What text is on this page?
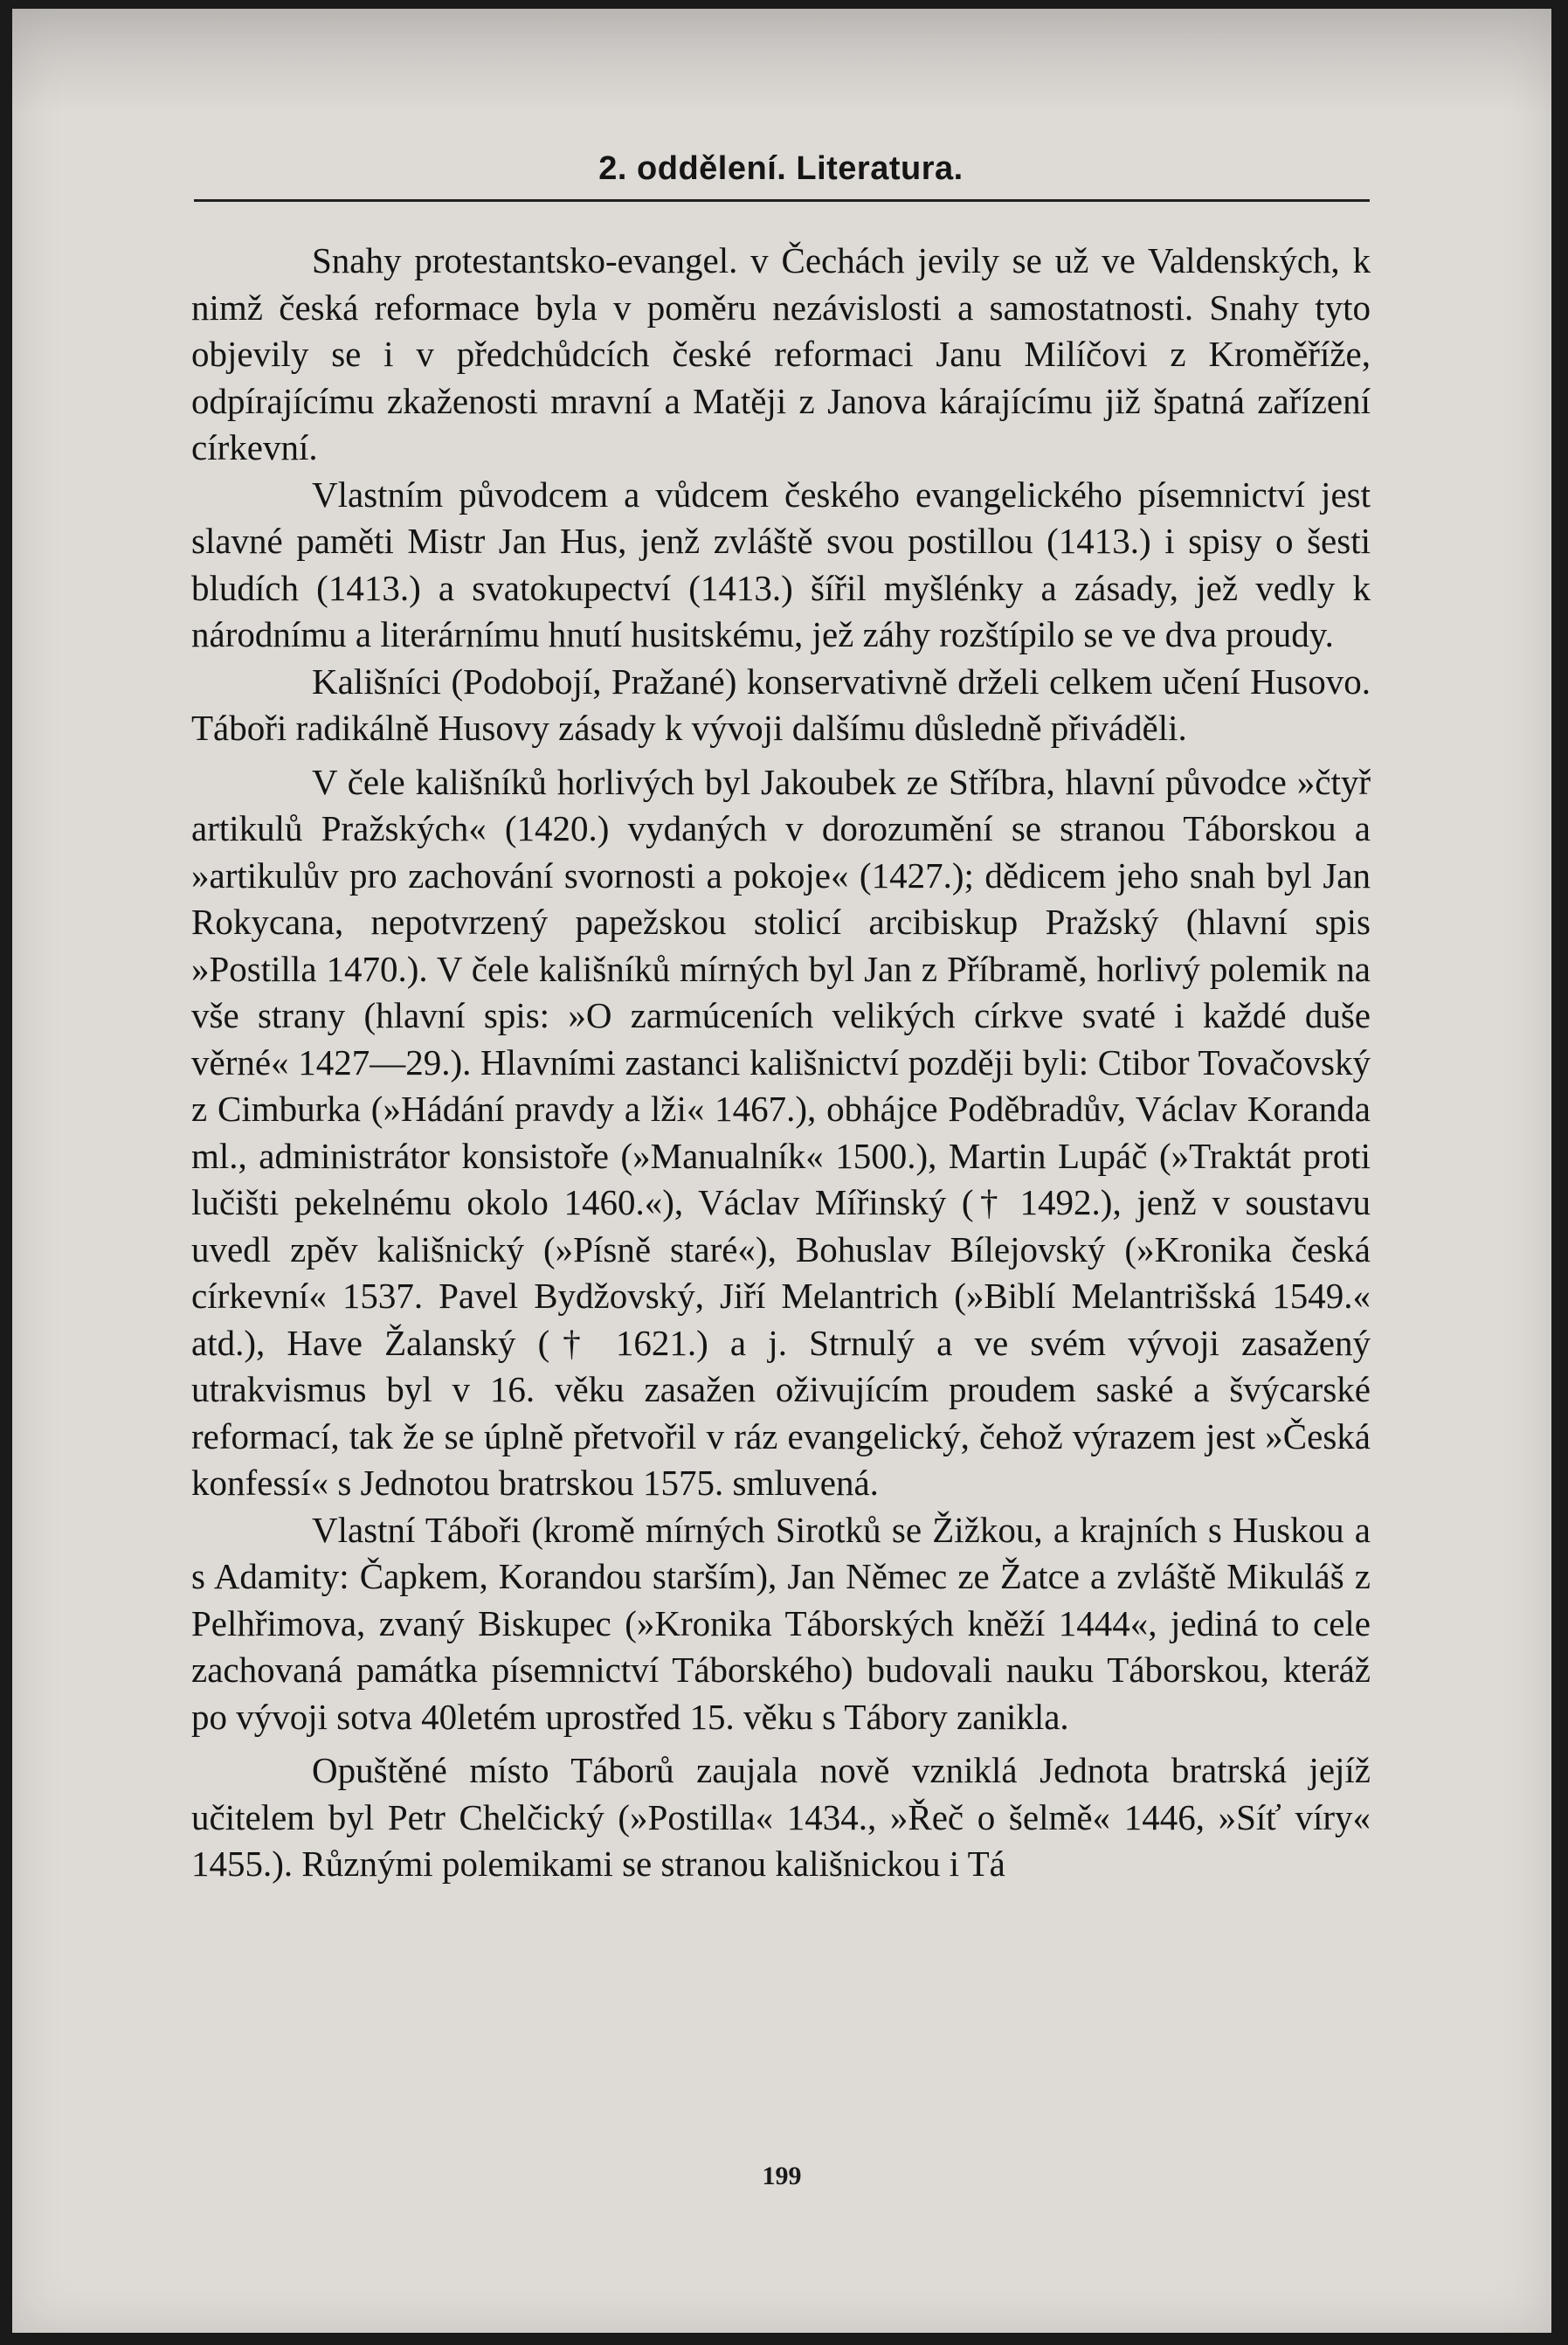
2. oddělení. Literatura.

Snahy protestantsko-evangel. v Čechách jevily se už ve Valdenských, k nimž česká reformace byla v poměru nezávislosti a samostatnosti. Snahy tyto objevily se i v předchůdcích české reformaci Janu Milíčovi z Kroměříže, odpírajícímu zkaženosti mravní a Matěji z Janova kárajícímu již špatná zařízení církevní.

Vlastním původcem a vůdcem českého evangelického písemnictví jest slavné paměti Mistr Jan Hus, jenž zvláště svou postillou (1413.) i spisy o šesti bludích (1413.) a svatokupectví (1413.) šířil myšlénky a zásady, jež vedly k národnímu a literárnímu hnutí husitskému, jež záhy rozštípilo se ve dva proudy.

Kališníci (Podobojí, Pražané) konservativně drželi celkem učení Husovo. Táboři radikálně Husovy zásady k vývoji dalšímu důsledně přiváděli.

V čele kališníků horlivých byl Jakoubek ze Stříbra, hlavní původce »čtyř artikulů Pražských« (1420.) vydaných v dorozumění se stranou Táborskou a »artikulův pro zachování svornosti a pokoje« (1427.); dědicem jeho snah byl Jan Rokycana, nepotvrzený papežskou stolicí arcibiskup Pražský (hlavní spis »Postilla 1470.). V čele kališníků mírných byl Jan z Příbramě, horlivý polemik na vše strany (hlavní spis: »O zarmúceních velikých církve svaté i každé duše věrné« 1427—29.). Hlavními zastanci kališnictví později byli: Ctibor Tovačovský z Cimburka (»Hádání pravdy a lži« 1467.), obhájce Poděbradův, Václav Koranda ml., administrátor konsistoře (»Manualník« 1500.), Martin Lupáč (»Traktát proti lučišti pekelnému okolo 1460.«), Václav Mířinský († 1492.), jenž v soustavu uvedl zpěv kališnický (»Písně staré«), Bohuslav Bílejovský (»Kronika česká církevní« 1537. Pavel Bydžovský, Jiří Melantrich (»Biblí Melantrišská 1549.« atd.), Have Žalanský († 1621.) a j. Strnulý a ve svém vývoji zasažený utrakvismus byl v 16. věku zasažen oživujícím proudem saské a švýcarské reformací, tak že se úplně přetvořil v ráz evangelický, čehož výrazem jest »Česká konfessí« s Jednotou bratrskou 1575. smluvená.

Vlastní Táboři (kromě mírných Sirotků se Žižkou, a krajních s Huskou a s Adamity: Čapkem, Korandou starším), Jan Němec ze Žatce a zvláště Mikuláš z Pelhřimova, zvaný Biskupec (»Kronika Táborských kněží 1444«, jediná to cele zachovaná památka písemnictví Táborského) budovali nauku Táborskou, kteráž po vývoji sotva 40letém uprostřed 15. věku s Tábory zanikla.

Opuštěné místo Táborů zaujala nově vzniklá Jednota bratrská jejíž učitelem byl Petr Chelčický (»Postilla« 1434., »Řeč o šelmě« 1446, »Síť víry« 1455.). Různými polemikami se stranou kališnickou i Tá

199
